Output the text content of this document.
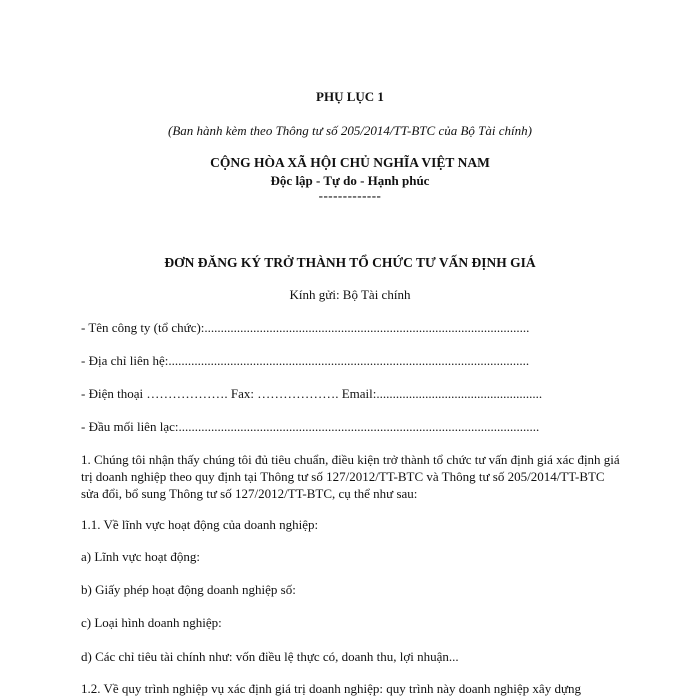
PHỤ LỤC 1
(Ban hành kèm theo Thông tư số 205/2014/TT-BTC của Bộ Tài chính)
CỘNG HÒA XÃ HỘI CHỦ NGHĨA VIỆT NAM
Độc lập - Tự do - Hạnh phúc
-------------
ĐƠN ĐĂNG KÝ TRỞ THÀNH TỔ CHỨC TƯ VẤN ĐỊNH GIÁ
Kính gửi: Bộ Tài chính
- Tên công ty (tổ chức):....................................................................................................
- Địa chỉ liên hệ:...............................................................................................................
- Điện thoại ………………. Fax: ………………. Email:...................................................
- Đầu mối liên lạc:...............................................................................................................
1. Chúng tôi nhận thấy chúng tôi đủ tiêu chuẩn, điều kiện trở thành tổ chức tư vấn định giá xác định giá trị doanh nghiệp theo quy định tại Thông tư số 127/2012/TT-BTC và Thông tư số 205/2014/TT-BTC sửa đổi, bổ sung Thông tư số 127/2012/TT-BTC, cụ thể như sau:
1.1. Về lĩnh vực hoạt động của doanh nghiệp:
a) Lĩnh vực hoạt động:
b) Giấy phép hoạt động doanh nghiệp số:
c) Loại hình doanh nghiệp:
d) Các chỉ tiêu tài chính như: vốn điều lệ thực có, doanh thu, lợi nhuận...
1.2. Về quy trình nghiệp vụ xác định giá trị doanh nghiệp: quy trình này doanh nghiệp xây dựng
